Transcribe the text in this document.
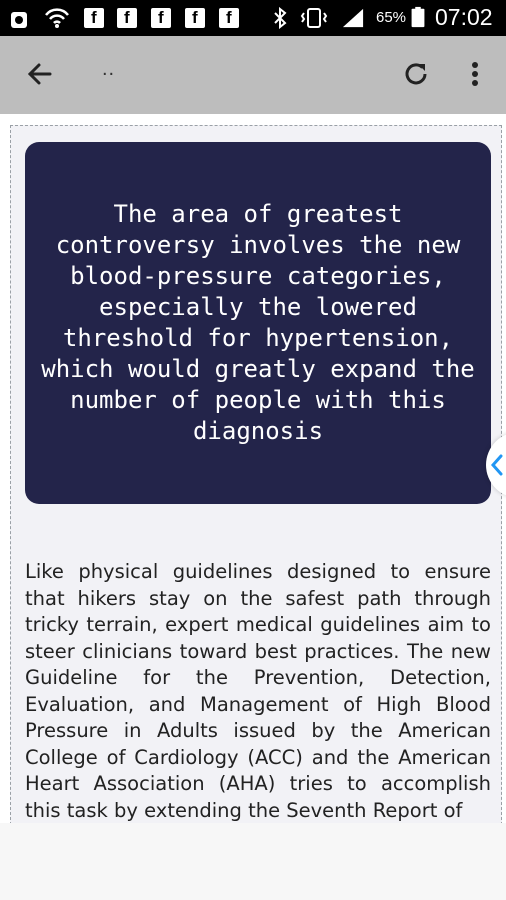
f
f
f
f
f
65% 07:02
..
The area of greatest controversy involves the new blood-pressure categories, especially the lowered threshold for hypertension, which would greatly expand the number of people with this diagnosis
Like physical guidelines designed to ensure that hikers stay on the safest path through tricky terrain, expert medical guidelines aim to steer clinicians toward best practices. The new Guideline for the Prevention, Detection, Evaluation, and Management of High Blood Pressure in Adults issued by the American College of Cardiology (ACC) and the American Heart Association (AHA) tries to accomplish this task by extending the Seventh Report of
